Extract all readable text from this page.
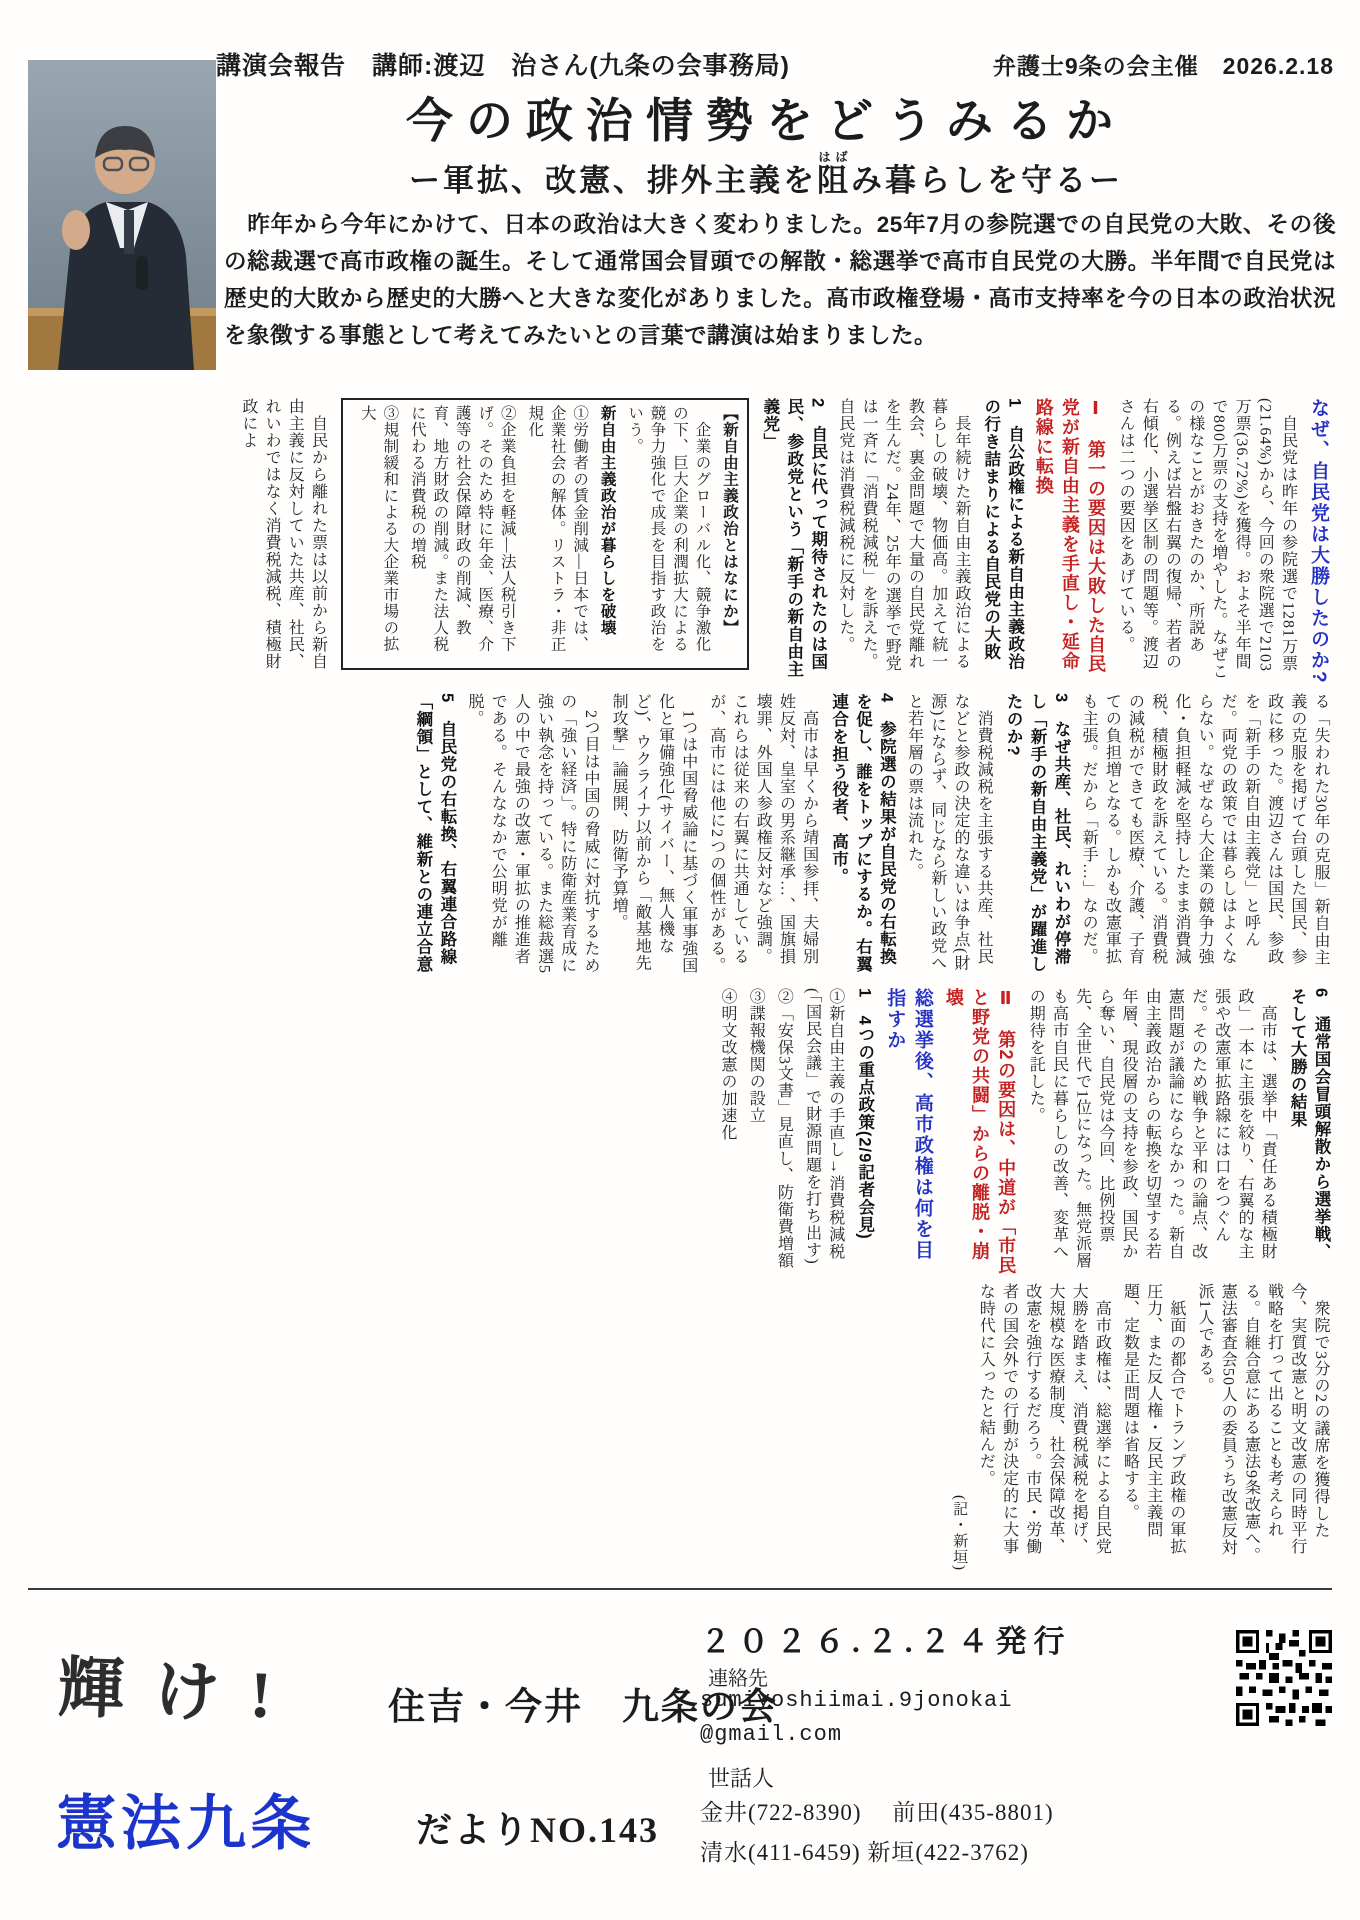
講演会報告　講師:渡辺　治さん(九条の会事務局)	弁護士9条の会主催　2026.2.18
今の政治情勢をどうみるか
ー軍拡、改憲、排外主義を阻はばみ暮らしを守るー
　昨年から今年にかけて、日本の政治は大きく変わりました。25年7月の参院選での自民党の大敗、その後の総裁選で高市政権の誕生。そして通常国会冒頭での解散・総選挙で高市自民党の大勝。半年間で自民党は歴史的大敗から歴史的大勝へと大きな変化がありました。高市政権登場・高市支持率を今の日本の政治状況を象徴する事態として考えてみたいとの言葉で講演は始まりました。
なぜ、自民党は大勝したのか?
　自民党は昨年の参院選で1281万票(21.64%)から、今回の衆院選で2103万票(36.72%)を獲得。およそ半年間で800万票の支持を増やした。なぜこの様なことがおきたのか、所説ある。例えば岩盤右翼の復帰、若者の右傾化、小選挙区制の問題等。渡辺さんは二つの要因をあげている。
Ⅰ　第一の要因は大敗した自民党が新自由主義を手直し・延命路線に転換
1　自公政権による新自由主義政治の行き詰まりによる自民党の大敗
　長年続けた新自由主義政治による暮らしの破壊、物価高。加えて統一教会、裏金問題で大量の自民党離れを生んだ。24年、25年の選挙で野党は一斉に「消費税減税」を訴えた。自民党は消費税減税に反対した。
2　自民に代って期待されたのは国民、参政党という「新手の新自由主義党」
【新自由主義政治とはなにか】
　企業のグローバル化、競争激化の下、巨大企業の利潤拡大による競争力強化で成長を目指す政治をいう。
新自由主義政治が暮らしを破壊
①労働者の賃金削減―日本では、企業社会の解体。リストラ・非正規化
②企業負担を軽減―法人税引き下げ。そのため特に年金、医療、介護等の社会保障財政の削減、教育、地方財政の削減。また法人税に代わる消費税の増税
③規制緩和による大企業市場の拡大
　自民から離れた票は以前から新自由主義に反対していた共産、社民、れいわではなく消費税減税、積極財政によ
る「失われた30年の克服」新自由主義の克服を掲げて台頭した国民、参政に移った。渡辺さんは国民、参政を「新手の新自由主義党」と呼んだ。両党の政策では暮らしはよくならない。なぜなら大企業の競争力強化・負担軽減を堅持したまま消費減税、積極財政を訴えている。消費税の減税ができても医療、介護、子育ての負担増となる。しかも改憲軍拡も主張。だから「新手…」なのだ。
3　なぜ共産、社民、れいわが停滞し「新手の新自由主義党」が躍進したのか?
　消費税減税を主張する共産、社民などと参政の決定的な違いは争点(財源)にならず、同じなら新しい政党へと若年層の票は流れた。
4　参院選の結果が自民党の右転換を促し、誰をトップにするか。右翼連合を担う役者、高市。
　高市は早くから靖国参拝、夫婦別姓反対、皇室の男系継承…、国旗損壊罪、外国人参政権反対など強調。これらは従来の右翼に共通しているが、高市には他に2つの個性がある。
　1つは中国脅威論に基づく軍事強国化と軍備強化(サイバー、無人機など)、ウクライナ以前から「敵基地先制攻撃」論展開、防衛予算増。
　2つ目は中国の脅威に対抗するための「強い経済」。特に防衛産業育成に強い執念を持っている。また総裁選5人の中で最強の改憲・軍拡の推進者である。そんななかで公明党が離脱。
5　自民党の右転換、右翼連合路線「綱領」として、維新との連立合意
6　通常国会冒頭解散から選挙戦、そして大勝の結果
　高市は、選挙中「責任ある積極財政」一本に主張を絞り、右翼的な主張や改憲軍拡路線には口をつぐんだ。そのため戦争と平和の論点、改憲問題が議論にならなかった。新自由主義政治からの転換を切望する若年層、現役層の支持を参政、国民から奪い、自民党は今回、比例投票先、全世代で1位になった。無党派層も高市自民に暮らしの改善、変革への期待を託した。
Ⅱ　第2の要因は、中道が「市民と野党の共闘」からの離脱・崩壊
総選挙後、高市政権は何を目指すか
1　4つの重点政策(2/9記者会見)
①新自由主義の手直し→消費税減税(「国民会議」で財源問題を打ち出す)
②「安保3文書」見直し、防衛費増額
③諜報機関の設立
④明文改憲の加速化
　衆院で3分の2の議席を獲得した今、実質改憲と明文改憲の同時平行戦略を打って出ることも考えられる。自維合意にある憲法9条改憲へ。憲法審査会50人の委員うち改憲反対派1人である。
　紙面の都合でトランプ政権の軍拡圧力、また反人権・反民主主義問題、定数是正問題は省略する。
　高市政権は、総選挙による自民党大勝を踏まえ、消費税減税を掲げ、大規模な医療制度、社会保障改革、改憲を強行するだろう。市民・労働者の国会外での行動が決定的に大事な時代に入ったと結んだ。
(記・新垣)
輝け!
憲法九条
住吉・今井　九条の会
だよりNO.143
２０２６.２.２４発行
連絡先
sumiyoshiimai.9jonokai
@gmail.com
世話人
金井(722-8390)　 前田(435-8801)
清水(411-6459) 新垣(422-3762)
